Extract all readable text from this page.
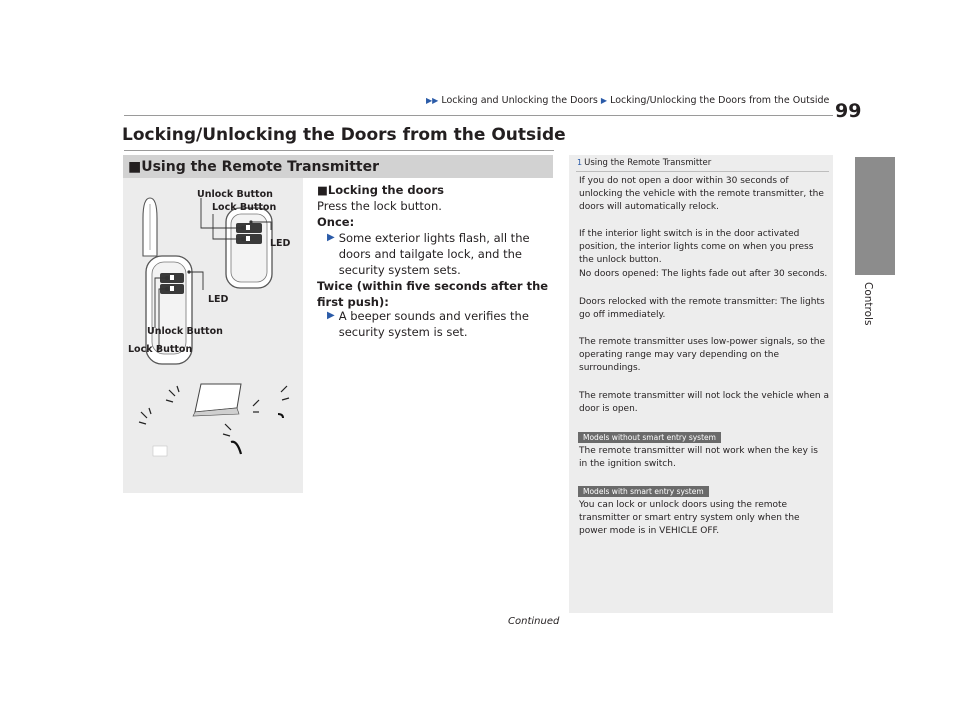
▶▶ Locking and Unlocking the Doors ▶ Locking/Unlocking the Doors from the Outside 99
Controls
Locking/Unlocking the Doors from the Outside
■Using the Remote Transmitter
Unlock Button
Lock Button
LED
LED
Unlock Button
Lock Button
■Locking the doors
Press the lock button.
Once:
▶ Some exterior lights flash, all the doors and tailgate lock, and the security system sets.
Twice (within five seconds after the first push):
▶ A beeper sounds and verifies the security system is set.
1 Using the Remote Transmitter
If you do not open a door within 30 seconds of unlocking the vehicle with the remote transmitter, the doors will automatically relock.
If the interior light switch is in the door activated position, the interior lights come on when you press the unlock button.
No doors opened: The lights fade out after 30 seconds.
Doors relocked with the remote transmitter: The lights go off immediately.
The remote transmitter uses low-power signals, so the operating range may vary depending on the surroundings.
The remote transmitter will not lock the vehicle when a door is open.
Models without smart entry system
The remote transmitter will not work when the key is in the ignition switch.
Models with smart entry system
You can lock or unlock doors using the remote transmitter or smart entry system only when the power mode is in VEHICLE OFF.
Continued
